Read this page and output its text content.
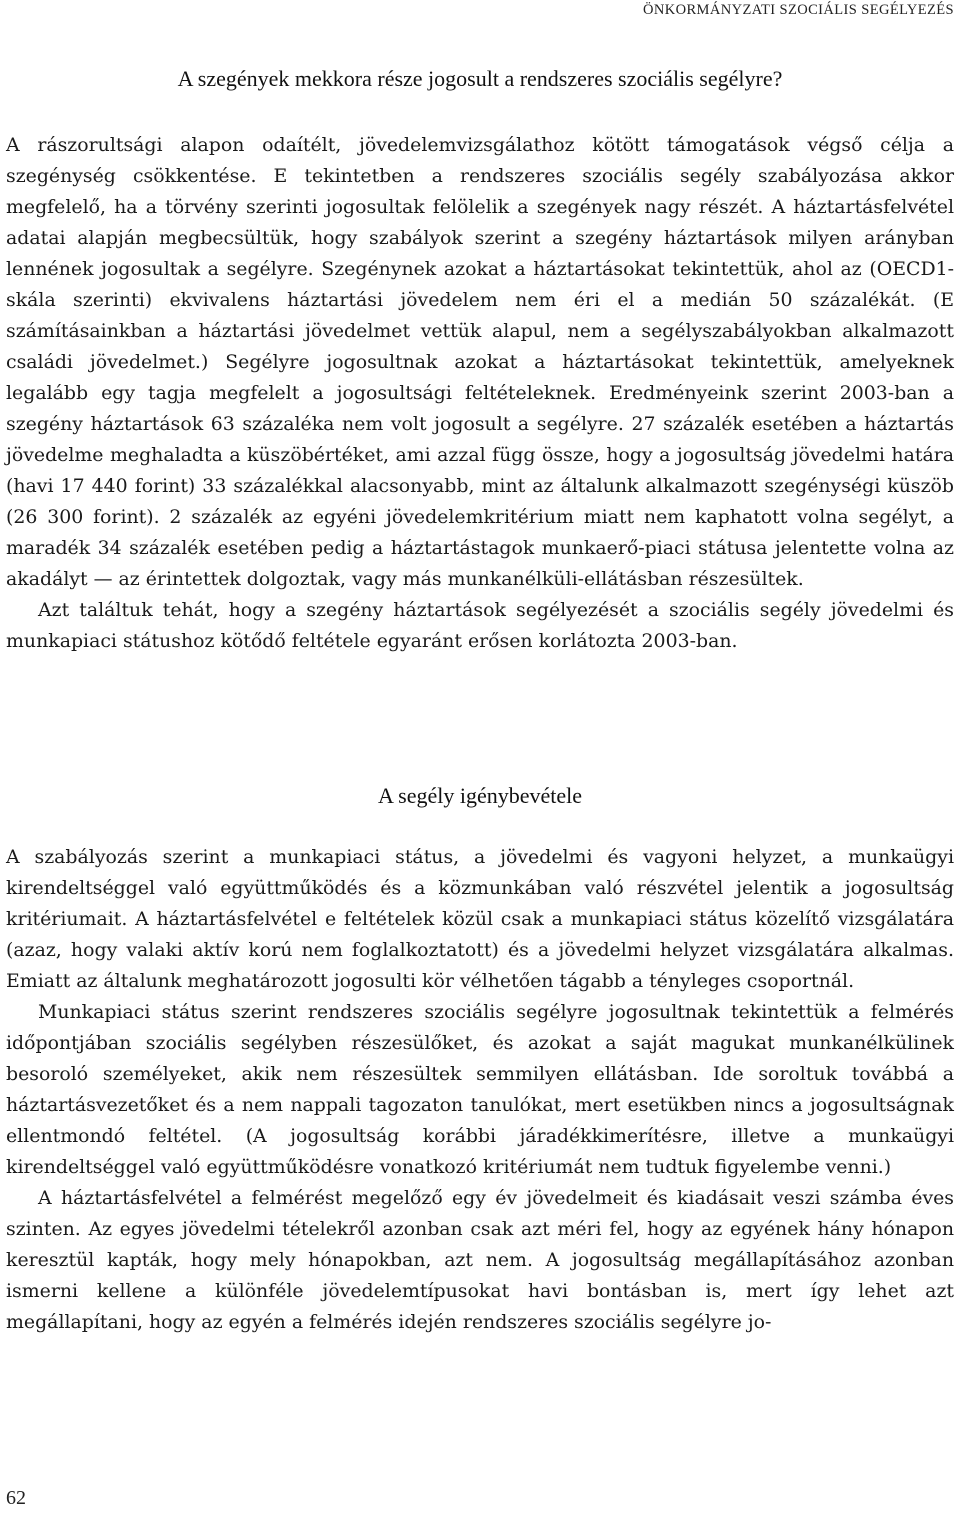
ÖNKORMÁNYZATI SZOCIÁLIS SEGÉLYEZÉS
A szegények mekkora része jogosult a rendszeres szociális segélyre?

A rászorultsági alapon odaítélt, jövedelemvizsgálathoz kötött támogatások végső célja a szegénység csökkentése. E tekintetben a rendszeres szociális segély szabályozása akkor megfelelő, ha a törvény szerinti jogosultak felölelik a szegények nagy részét. A háztartásfelvétel adatai alapján megbecsültük, hogy szabályok szerint a szegény háztartások milyen arányban lennének jogosultak a segélyre. Szegénynek azokat a háztartásokat tekintettük, ahol az (OECD1-skála szerinti) ekvivalens háztartási jövedelem nem éri el a medián 50 százalékát. (E számításainkban a háztartási jövedelmet vettük alapul, nem a segélyszabályokban alkalmazott családi jövedelmet.) Segélyre jogosultnak azokat a háztartásokat tekintettük, amelyeknek legalább egy tagja megfelelt a jogosultsági feltételeknek. Eredményeink szerint 2003-ban a szegény háztartások 63 százaléka nem volt jogosult a segélyre. 27 százalék esetében a háztartás jövedelme meghaladta a küszöbértéket, ami azzal függ össze, hogy a jogosultság jövedelmi határa (havi 17 440 forint) 33 százalékkal alacsonyabb, mint az általunk alkalmazott szegénységi küszöb (26 300 forint). 2 százalék az egyéni jövedelemkritérium miatt nem kaphatott volna segélyt, a maradék 34 százalék esetében pedig a háztartástagok munkaerő-piaci státusa jelentette volna az akadályt — az érintettek dolgoztak, vagy más munkanélküli-ellátásban részesültek.

Azt találtuk tehát, hogy a szegény háztartások segélyezését a szociális segély jövedelmi és munkapiaci státushoz kötődő feltétele egyaránt erősen korlátozta 2003-ban.

A segély igénybevétele

A szabályozás szerint a munkapiaci státus, a jövedelmi és vagyoni helyzet, a munkaügyi kirendeltséggel való együttműködés és a közmunkában való részvétel jelentik a jogosultság kritériumait. A háztartásfelvétel e feltételek közül csak a munkapiaci státus közelítő vizsgálatára (azaz, hogy valaki aktív korú nem foglalkoztatott) és a jövedelmi helyzet vizsgálatára alkalmas. Emiatt az általunk meghatározott jogosulti kör vélhetően tágabb a tényleges csoportnál.

Munkapiaci státus szerint rendszeres szociális segélyre jogosultnak tekintettük a felmérés időpontjában szociális segélyben részesülőket, és azokat a saját magukat munkanélkülinek besoroló személyeket, akik nem részesültek semmilyen ellátásban. Ide soroltuk továbbá a háztartásvezetőket és a nem nappali tagozaton tanulókat, mert esetükben nincs a jogosultságnak ellentmondó feltétel. (A jogosultság korábbi járadékkimerítésre, illetve a munkaügyi kirendeltséggel való együttműködésre vonatkozó kritériumát nem tudtuk figyelembe venni.)

A háztartásfelvétel a felmérést megelőző egy év jövedelmeit és kiadásait veszi számba éves szinten. Az egyes jövedelmi tételekről azonban csak azt méri fel, hogy az egyének hány hónapon keresztül kapták, hogy mely hónapokban, azt nem. A jogosultság megállapításához azonban ismerni kellene a különféle jövedelemtípusokat havi bontásban is, mert így lehet azt megállapítani, hogy az egyén a felmérés idején rendszeres szociális segélyre jo-

62
